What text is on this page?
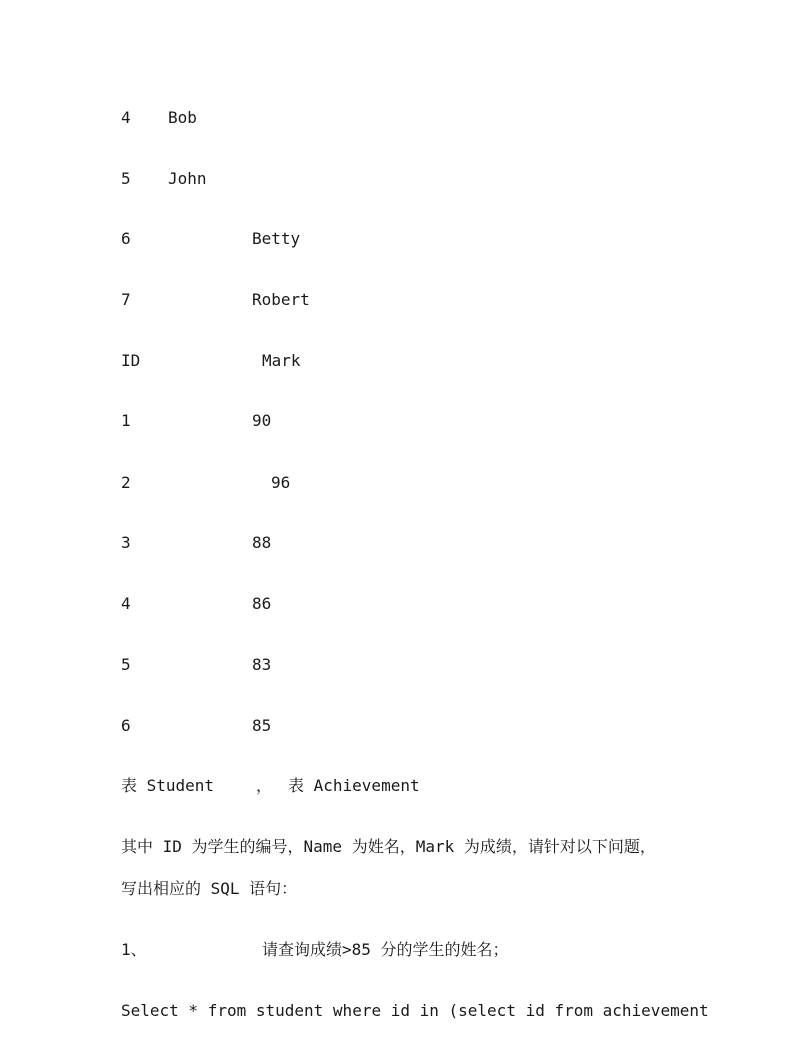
4 Bob
5 John
6	Betty
7	Robert
ID	Mark
1	90
2	96
3	88
4	86
5	83
6	85
表 Student	， 表 Achievement
其中 ID 为学生的编号，Name 为姓名，Mark 为成绩，请针对以下问题，
写出相应的 SQL 语句：
1、	请查询成绩>85 分的学生的姓名；
Select * from student where id in (select id from achievement
